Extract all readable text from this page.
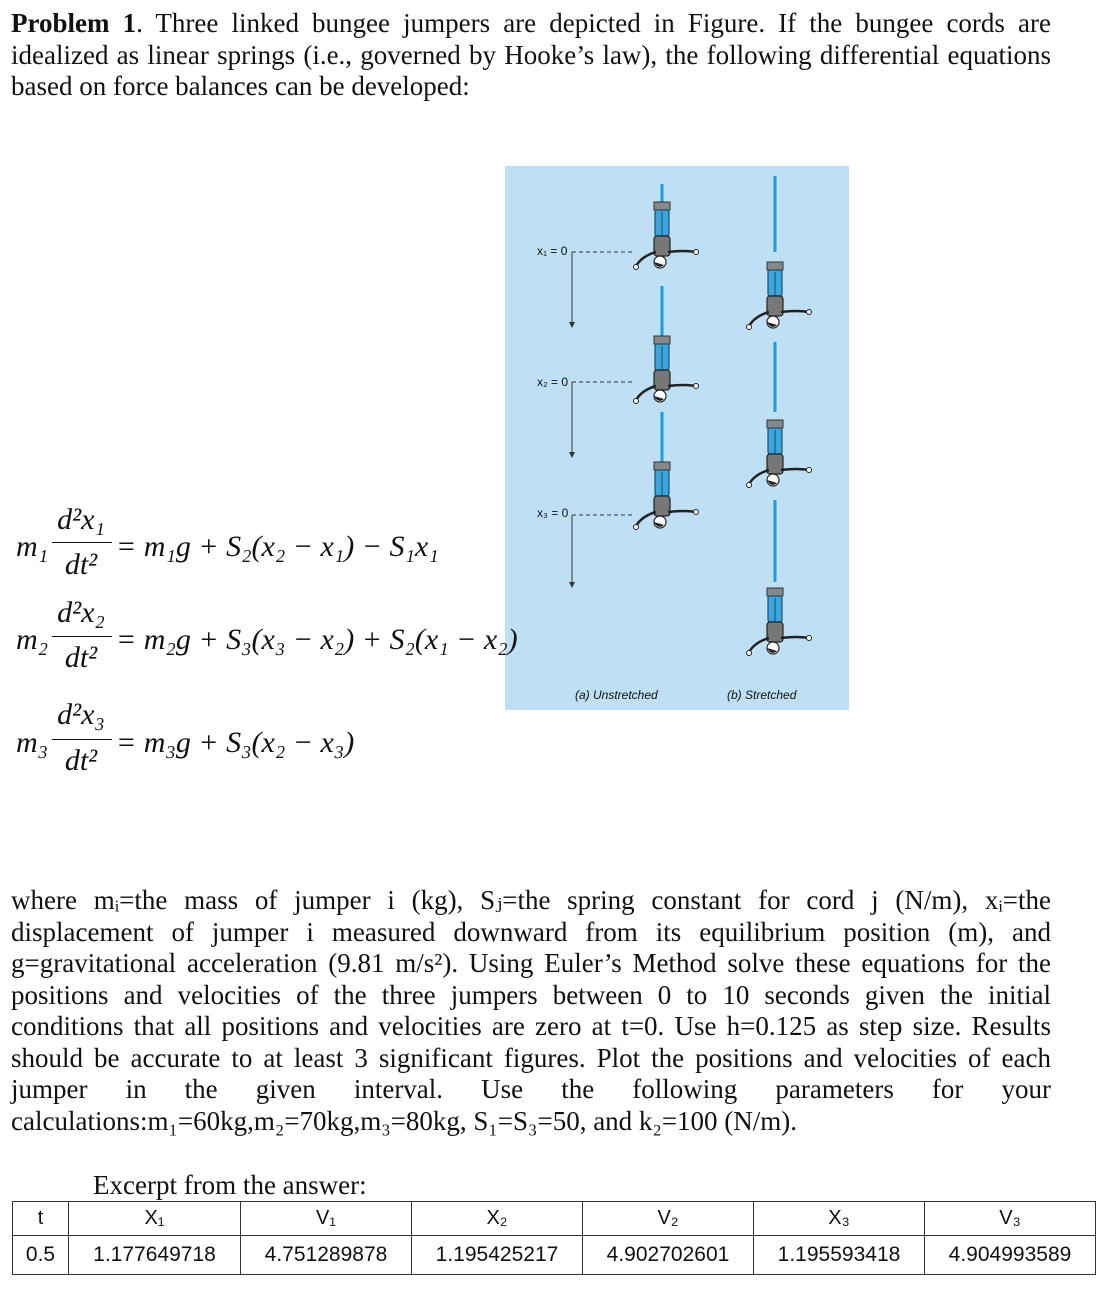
Problem 1. Three linked bungee jumpers are depicted in Figure. If the bungee cords are idealized as linear springs (i.e., governed by Hooke’s law), the following differential equations based on force balances can be developed:
x₁ = 0
x₂ = 0
x₃ = 0
(a) Unstretched	(b) Stretched
m₁
d²x₁
dt²
= m₁g + S₂(x₂ − x₁) − S₁x₁
m₂
d²x₂
dt²
= m₂g + S₃(x₃ − x₂) + S₂(x₁ − x₂)
m₃
d²x₃
dt²
= m₃g + S₃(x₂ − x₃)
where mᵢ=the mass of jumper i (kg), Sⱼ=the spring constant for cord j (N/m), xᵢ=the displacement of jumper i measured downward from its equilibrium position (m), and g=gravitational acceleration (9.81 m/s²). Using Euler’s Method solve these equations for the positions and velocities of the three jumpers between 0 to 10 seconds given the initial conditions that all positions and velocities are zero at t=0. Use h=0.125 as step size. Results should be accurate to at least 3 significant figures. Plot the positions and velocities of each jumper in the given interval. Use the following parameters for your calculations:m₁=60kg,m₂=70kg,m₃=80kg, S₁=S₃=50, and k₂=100 (N/m).
Excerpt from the answer:
t	X₁	V₁	X₂	V₂	X₃	V₃
0.5	1.177649718	4.751289878	1.195425217	4.902702601	1.195593418	4.904993589
